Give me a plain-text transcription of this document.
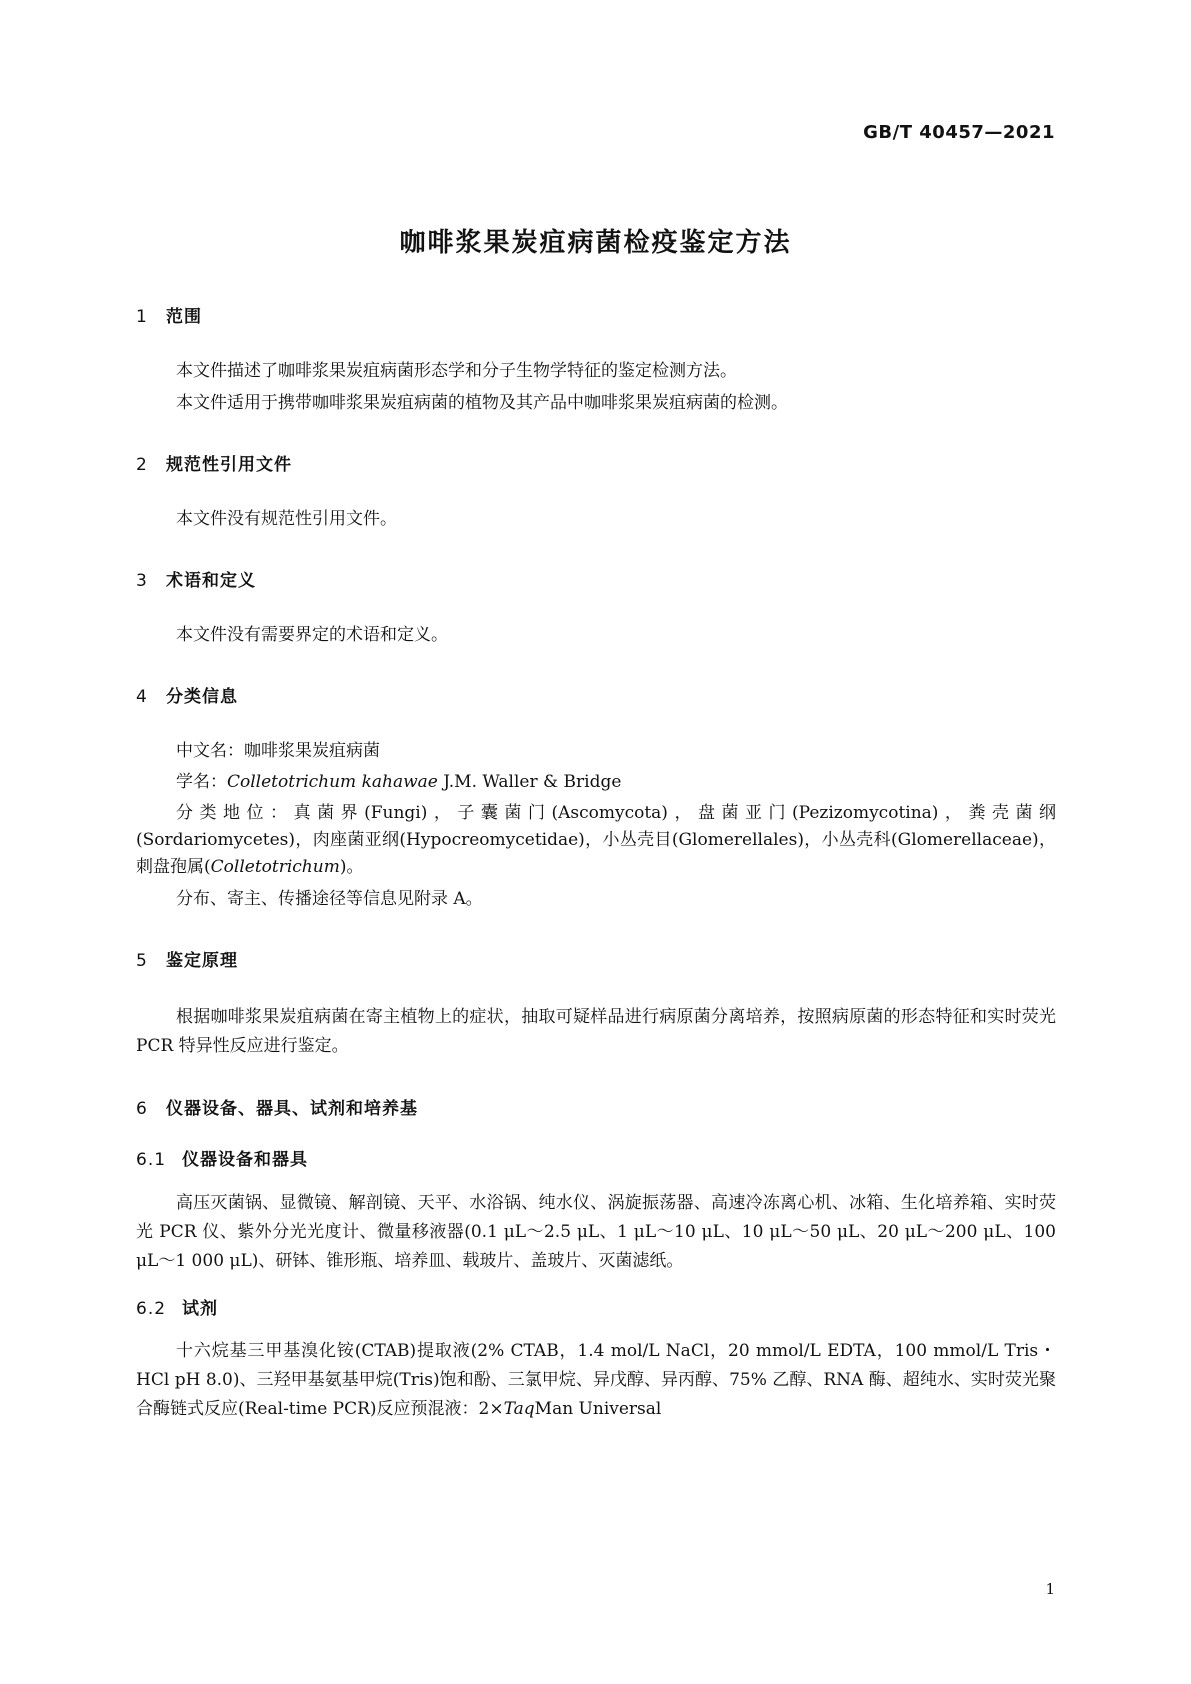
GB/T 40457—2021
咖啡浆果炭疽病菌检疫鉴定方法
1 范围
本文件描述了咖啡浆果炭疽病菌形态学和分子生物学特征的鉴定检测方法。
本文件适用于携带咖啡浆果炭疽病菌的植物及其产品中咖啡浆果炭疽病菌的检测。
2 规范性引用文件
本文件没有规范性引用文件。
3 术语和定义
本文件没有需要界定的术语和定义。
4 分类信息
中文名：咖啡浆果炭疽病菌
学名：Colletotrichum kahawae J.M. Waller & Bridge
分类地位：真菌界(Fungi)，子囊菌门(Ascomycota)，盘菌亚门(Pezizomycotina)，粪壳菌纲(Sordariomycetes)，肉座菌亚纲(Hypocreomycetidae)，小丛壳目(Glomerellales)，小丛壳科(Glomerellaceae)，刺盘孢属(Colletotrichum)。
分布、寄主、传播途径等信息见附录 A。
5 鉴定原理
根据咖啡浆果炭疽病菌在寄主植物上的症状，抽取可疑样品进行病原菌分离培养，按照病原菌的形态特征和实时荧光 PCR 特异性反应进行鉴定。
6 仪器设备、器具、试剂和培养基
6.1 仪器设备和器具
高压灭菌锅、显微镜、解剖镜、天平、水浴锅、纯水仪、涡旋振荡器、高速冷冻离心机、冰箱、生化培养箱、实时荧光 PCR 仪、紫外分光光度计、微量移液器(0.1 μL～2.5 μL、1 μL～10 μL、10 μL～50 μL、20 μL～200 μL、100 μL～1 000 μL)、研钵、锥形瓶、培养皿、载玻片、盖玻片、灭菌滤纸。
6.2 试剂
十六烷基三甲基溴化铵(CTAB)提取液(2% CTAB，1.4 mol/L NaCl，20 mmol/L EDTA，100 mmol/L Tris・HCl pH 8.0)、三羟甲基氨基甲烷(Tris)饱和酚、三氯甲烷、异戊醇、异丙醇、75% 乙醇、RNA 酶、超纯水、实时荧光聚合酶链式反应(Real-time PCR)反应预混液：2×TaqMan Universal
1
